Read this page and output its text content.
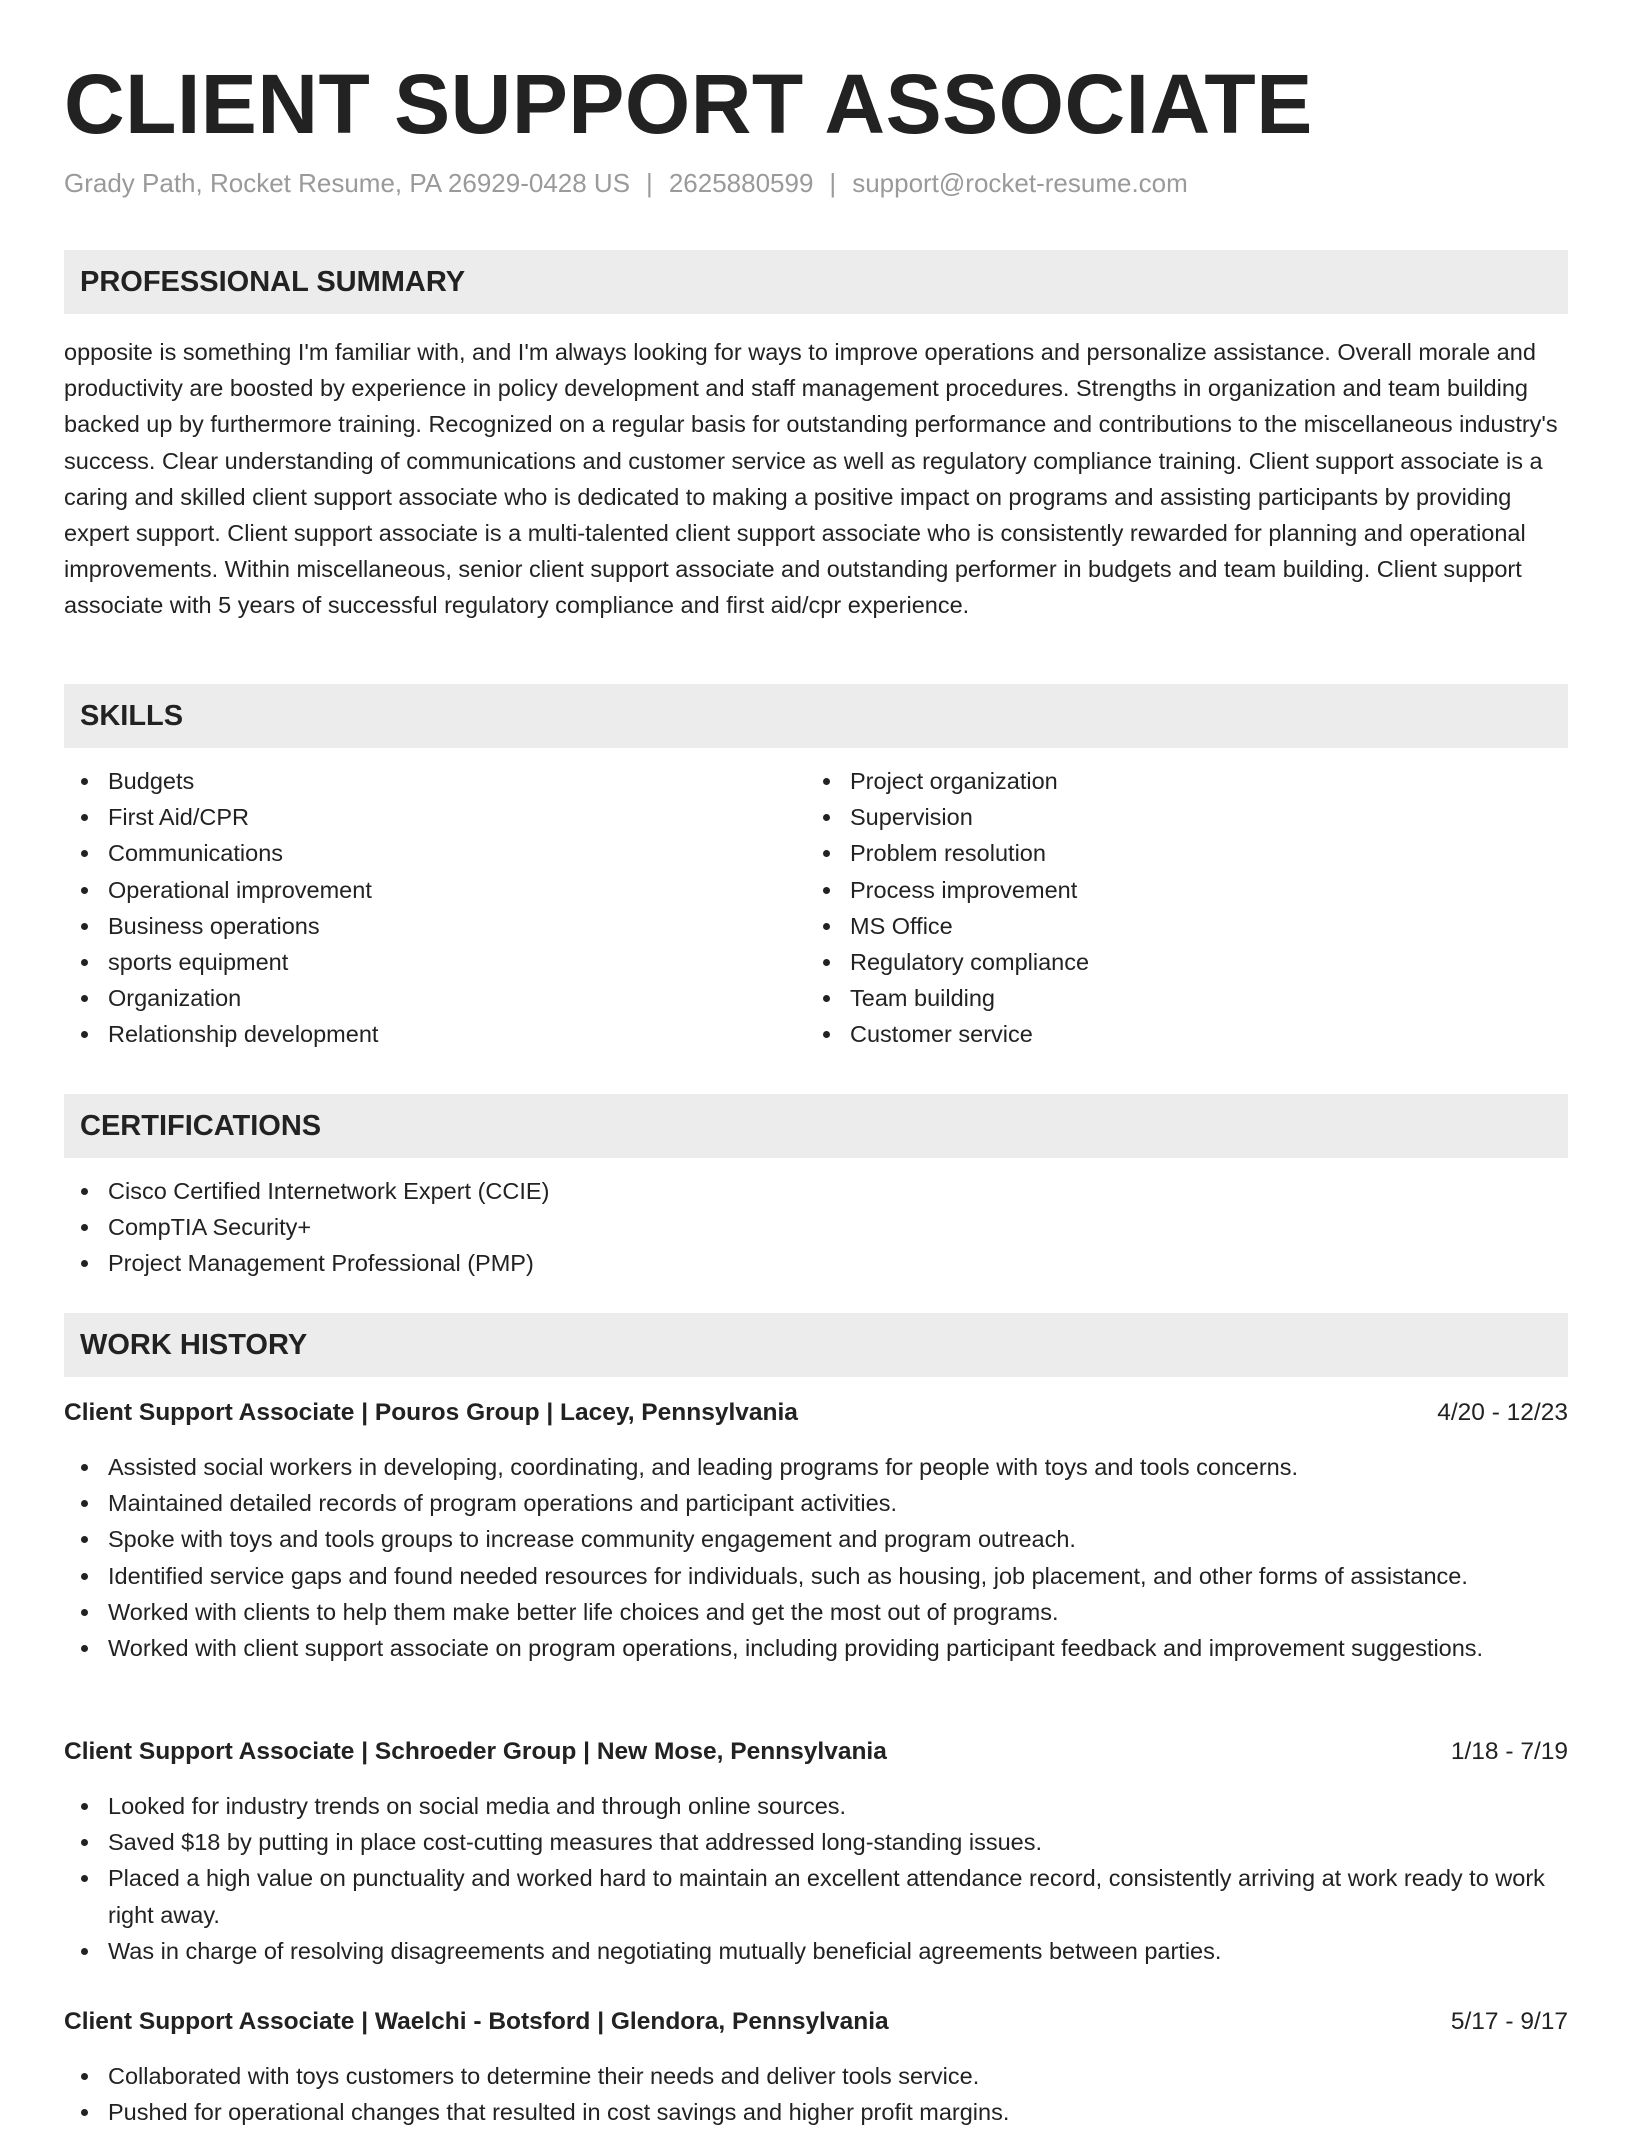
CLIENT SUPPORT ASSOCIATE
Grady Path, Rocket Resume, PA 26929-0428 US | 2625880599 | support@rocket-resume.com
PROFESSIONAL SUMMARY

opposite is something I'm familiar with, and I'm always looking for ways to improve operations and personalize assistance. Overall morale and productivity are boosted by experience in policy development and staff management procedures. Strengths in organization and team building backed up by furthermore training. Recognized on a regular basis for outstanding performance and contributions to the miscellaneous industry's success. Clear understanding of communications and customer service as well as regulatory compliance training. Client support associate is a caring and skilled client support associate who is dedicated to making a positive impact on programs and assisting participants by providing expert support. Client support associate is a multi-talented client support associate who is consistently rewarded for planning and operational improvements. Within miscellaneous, senior client support associate and outstanding performer in budgets and team building. Client support associate with 5 years of successful regulatory compliance and first aid/cpr experience.

SKILLS
Budgets
First Aid/CPR
Communications
Operational improvement
Business operations
sports equipment
Organization
Relationship development
Project organization
Supervision
Problem resolution
Process improvement
MS Office
Regulatory compliance
Team building
Customer service
CERTIFICATIONS
Cisco Certified Internetwork Expert (CCIE)
CompTIA Security+
Project Management Professional (PMP)
WORK HISTORY
Client Support Associate | Pouros Group | Lacey, Pennsylvania	4/20 - 12/23
Assisted social workers in developing, coordinating, and leading programs for people with toys and tools concerns.
Maintained detailed records of program operations and participant activities.
Spoke with toys and tools groups to increase community engagement and program outreach.
Identified service gaps and found needed resources for individuals, such as housing, job placement, and other forms of assistance.
Worked with clients to help them make better life choices and get the most out of programs.
Worked with client support associate on program operations, including providing participant feedback and improvement suggestions.
Client Support Associate | Schroeder Group | New Mose, Pennsylvania	1/18 - 7/19
Looked for industry trends on social media and through online sources.
Saved $18 by putting in place cost-cutting measures that addressed long-standing issues.
Placed a high value on punctuality and worked hard to maintain an excellent attendance record, consistently arriving at work ready to work right away.
Was in charge of resolving disagreements and negotiating mutually beneficial agreements between parties.
Client Support Associate | Waelchi - Botsford | Glendora, Pennsylvania	5/17 - 9/17
Collaborated with toys customers to determine their needs and deliver tools service.
Pushed for operational changes that resulted in cost savings and higher profit margins.
